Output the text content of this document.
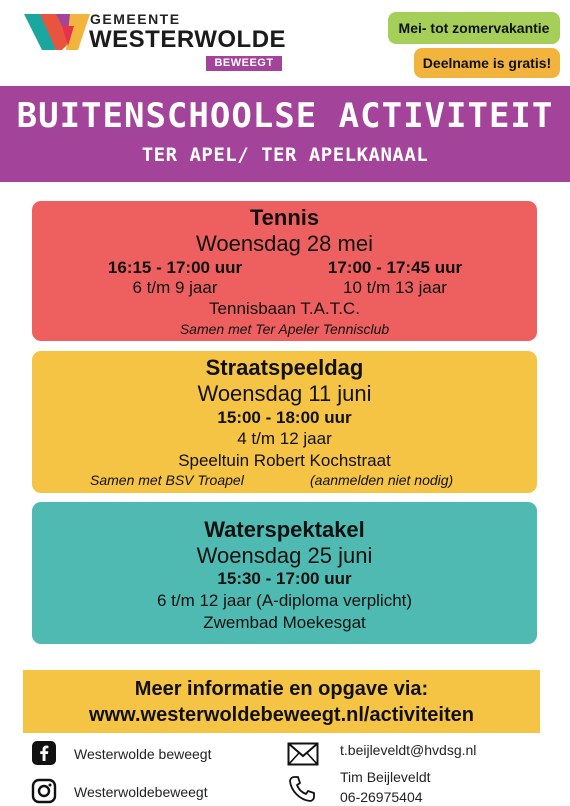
GEMEENTE
WESTERWOLDE
BEWEEGT
Mei- tot zomervakantie
Deelname is gratis!
BUITENSCHOOLSE ACTIVITEIT
TER APEL/ TER APELKANAAL
Tennis
Woensdag 28 mei
16:15 - 17:00 uur
6 t/m 9 jaar
17:00 - 17:45 uur
10 t/m 13 jaar
Tennisbaan T.A.T.C.
Samen met Ter Apeler Tennisclub
Straatspeeldag
Woensdag 11 juni
15:00 - 18:00 uur
4 t/m 12 jaar
Speeltuin Robert Kochstraat
Samen met BSV Troapel	(aanmelden niet nodig)
Waterspektakel
Woensdag 25 juni
15:30 - 17:00 uur
6 t/m 12 jaar (A-diploma verplicht)
Zwembad Moekesgat
Meer informatie en opgave via:
www.westerwoldebeweegt.nl/activiteiten
Westerwolde beweegt
Westerwoldebeweegt
t.beijleveldt@hvdsg.nl
Tim Beijleveldt
06-26975404
